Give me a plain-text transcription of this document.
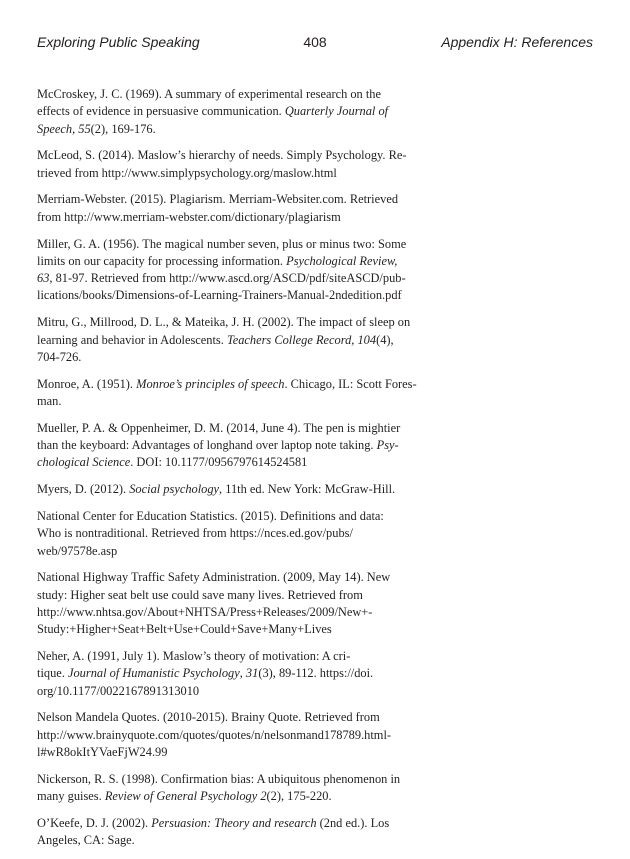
Exploring Public Speaking	408	Appendix H: References
McCroskey, J. C. (1969). A summary of experimental research on the
effects of evidence in persuasive communication. Quarterly Journal of
Speech, 55(2), 169-176.
McLeod, S. (2014). Maslow’s hierarchy of needs. Simply Psychology. Re-
trieved from http://www.simplypsychology.org/maslow.html
Merriam-Webster. (2015). Plagiarism. Merriam-Websiter.com. Retrieved
from http://www.merriam-webster.com/dictionary/plagiarism
Miller, G. A. (1956). The magical number seven, plus or minus two: Some
limits on our capacity for processing information. Psychological Review,
63, 81-97. Retrieved from http://www.ascd.org/ASCD/pdf/siteASCD/pub-
lications/books/Dimensions-of-Learning-Trainers-Manual-2ndedition.pdf
Mitru, G., Millrood, D. L., & Mateika, J. H. (2002). The impact of sleep on
learning and behavior in Adolescents. Teachers College Record, 104(4),
704-726.
Monroe, A. (1951). Monroe’s principles of speech. Chicago, IL: Scott Fores-
man.
Mueller, P. A. & Oppenheimer, D. M. (2014, June 4). The pen is mightier
than the keyboard: Advantages of longhand over laptop note taking. Psy-
chological Science. DOI: 10.1177/0956797614524581
Myers, D. (2012). Social psychology, 11th ed. New York: McGraw-Hill.
National Center for Education Statistics. (2015). Definitions and data:
Who is nontraditional. Retrieved from https://nces.ed.gov/pubs/
web/97578e.asp
National Highway Traffic Safety Administration. (2009, May 14). New
study: Higher seat belt use could save many lives. Retrieved from
http://www.nhtsa.gov/About+NHTSA/Press+Releases/2009/New+-
Study:+Higher+Seat+Belt+Use+Could+Save+Many+Lives
Neher, A. (1991, July 1). Maslow’s theory of motivation: A cri-
tique. Journal of Humanistic Psychology, 31(3), 89-112. https://doi.
org/10.1177/0022167891313010
Nelson Mandela Quotes. (2010-2015). Brainy Quote. Retrieved from
http://www.brainyquote.com/quotes/quotes/n/nelsonmand178789.html-
l#wR8okItYVaeFjW24.99
Nickerson, R. S. (1998). Confirmation bias: A ubiquitous phenomenon in
many guises. Review of General Psychology 2(2), 175-220.
O’Keefe, D. J. (2002). Persuasion: Theory and research (2nd ed.). Los
Angeles, CA: Sage.
